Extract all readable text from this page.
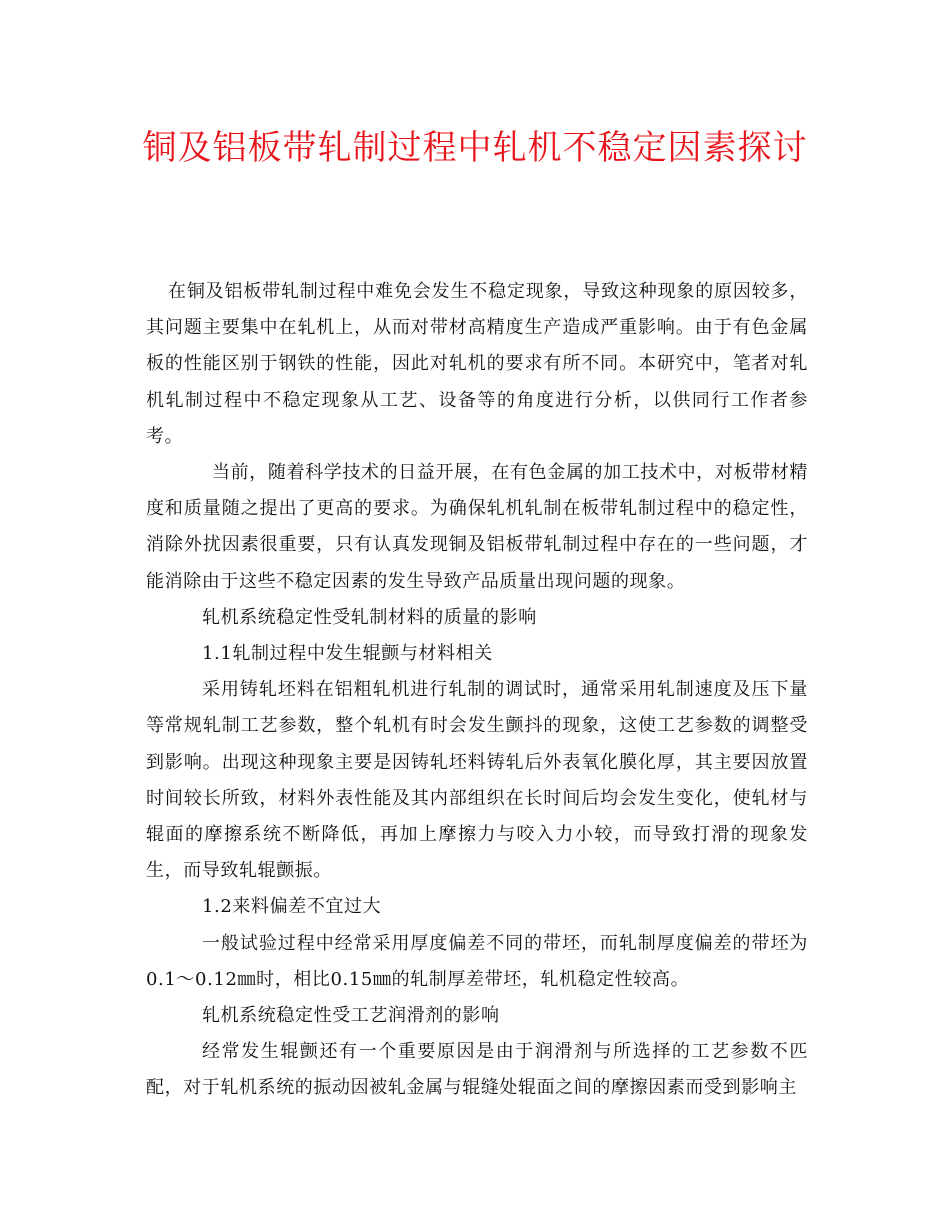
铜及铝板带轧制过程中轧机不稳定因素探讨

在铜及铝板带轧制过程中难免会发生不稳定现象，导致这种现象的原因较多，其问题主要集中在轧机上，从而对带材高精度生产造成严重影响。由于有色金属板的性能区别于钢铁的性能，因此对轧机的要求有所不同。本研究中，笔者对轧机轧制过程中不稳定现象从工艺、设备等的角度进行分析，以供同行工作者参考。

当前，随着科学技术的日益开展，在有色金属的加工技术中，对板带材精度和质量随之提出了更高的要求。为确保轧机轧制在板带轧制过程中的稳定性，消除外扰因素很重要，只有认真发现铜及铝板带轧制过程中存在的一些问题，才能消除由于这些不稳定因素的发生导致产品质量出现问题的现象。

轧机系统稳定性受轧制材料的质量的影响

1.1轧制过程中发生辊颤与材料相关

采用铸轧坯料在铝粗轧机进行轧制的调试时，通常采用轧制速度及压下量等常规轧制工艺参数，整个轧机有时会发生颤抖的现象，这使工艺参数的调整受到影响。出现这种现象主要是因铸轧坯料铸轧后外表氧化膜化厚，其主要因放置时间较长所致，材料外表性能及其内部组织在长时间后均会发生变化，使轧材与辊面的摩擦系统不断降低，再加上摩擦力与咬入力小较，而导致打滑的现象发生，而导致轧辊颤振。

1.2来料偏差不宜过大

一般试验过程中经常采用厚度偏差不同的带坯，而轧制厚度偏差的带坯为0.1～0.12㎜时，相比0.15㎜的轧制厚差带坯，轧机稳定性较高。

轧机系统稳定性受工艺润滑剂的影响

经常发生辊颤还有一个重要原因是由于润滑剂与所选择的工艺参数不匹配，对于轧机系统的振动因被轧金属与辊缝处辊面之间的摩擦因素而受到影响主
